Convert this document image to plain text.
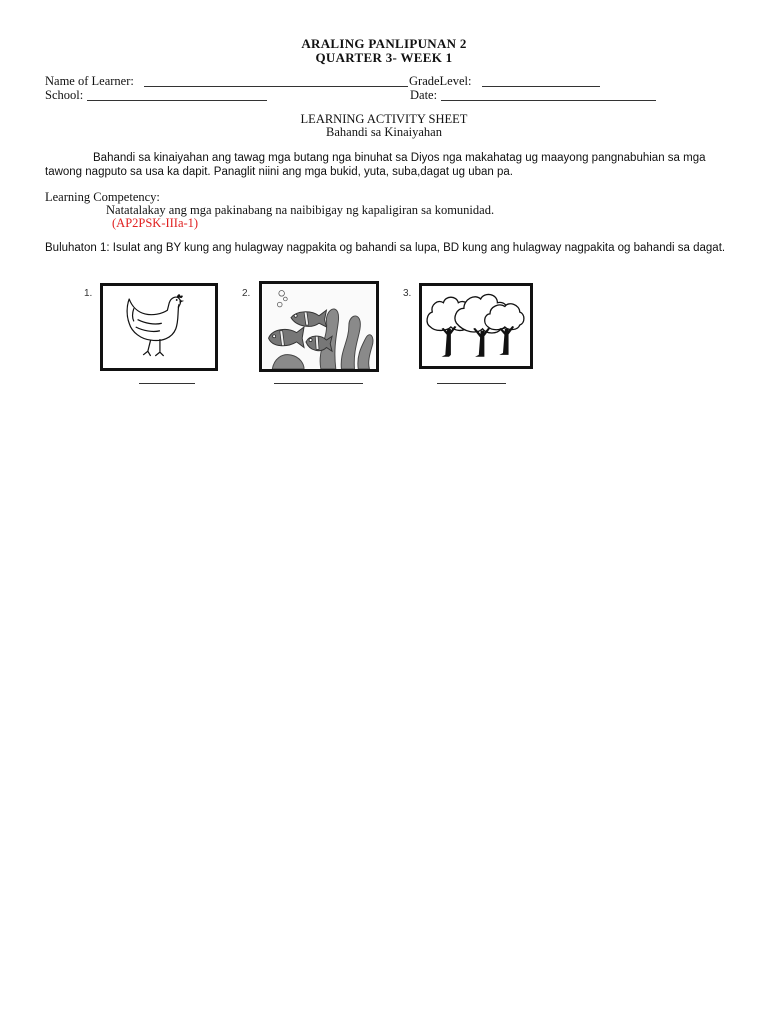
ARALING PANLIPUNAN 2
QUARTER 3- WEEK 1
Name of Learner:	GradeLevel:
School:	Date:
LEARNING ACTIVITY SHEET
Bahandi sa Kinaiyahan
Bahandi sa kinaiyahan ang tawag mga butang nga binuhat sa Diyos nga makahatag ug maayong pangnabuhian sa mga tawong nagputo sa usa ka dapit. Panaglit niini ang mga bukid, yuta, suba,dagat ug uban pa.
Learning Competency:
Natatalakay ang mga pakinabang na naibibigay ng kapaligiran sa komunidad.
(AP2PSK-IIIa-1)
Buluhaton 1: Isulat ang BY kung ang hulagway nagpakita og bahandi sa lupa, BD kung ang hulagway nagpakita og bahandi sa dagat.
1.	2.	3.
